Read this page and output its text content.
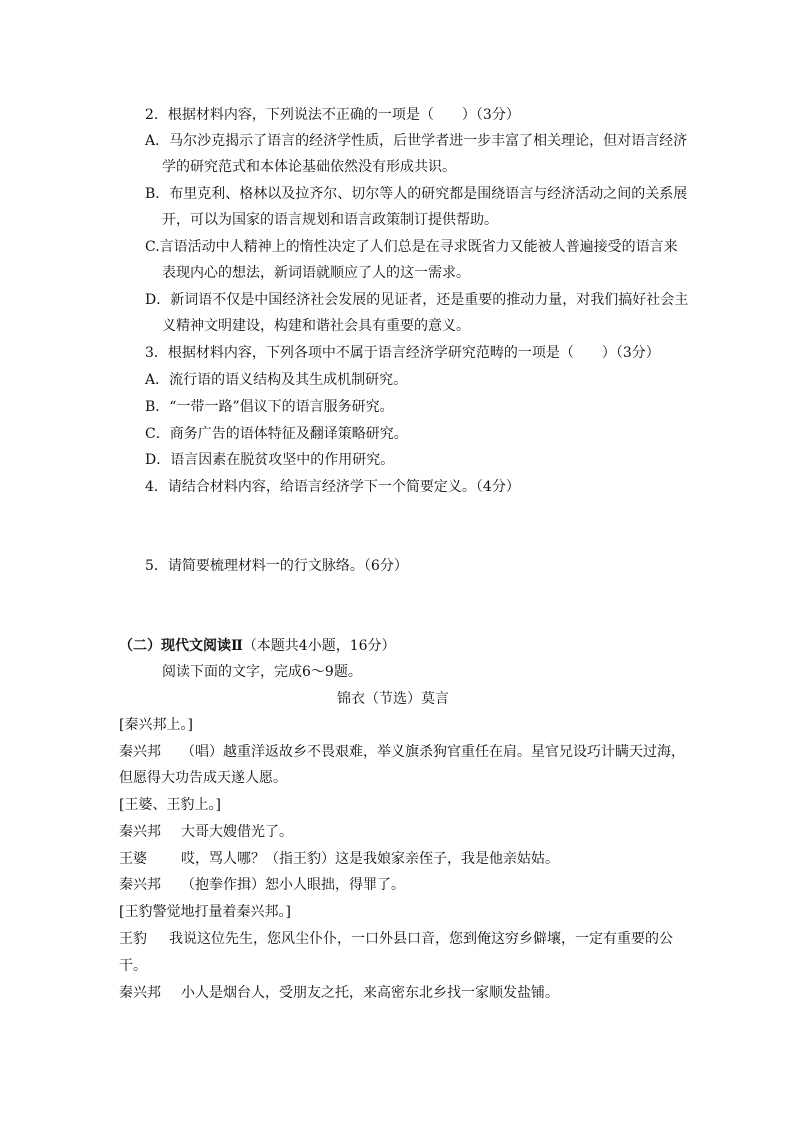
2．根据材料内容，下列说法不正确的一项是（　　）（3分）
A．马尔沙克揭示了语言的经济学性质，后世学者进一步丰富了相关理论，但对语言经济
学的研究范式和本体论基础依然没有形成共识。
B．布里克利、格林以及拉齐尔、切尔等人的研究都是围绕语言与经济活动之间的关系展
开，可以为国家的语言规划和语言政策制订提供帮助。
C.言语活动中人精神上的惰性决定了人们总是在寻求既省力又能被人普遍接受的语言来
表现内心的想法，新词语就顺应了人的这一需求。
D．新词语不仅是中国经济社会发展的见证者，还是重要的推动力量，对我们搞好社会主
义精神文明建设，构建和谐社会具有重要的意义。
3．根据材料内容，下列各项中不属于语言经济学研究范畴的一项是（　　）（3分）
A．流行语的语义结构及其生成机制研究。
B．“一带一路”倡议下的语言服务研究。
C．商务广告的语体特征及翻译策略研究。
D．语言因素在脱贫攻坚中的作用研究。
4．请结合材料内容，给语言经济学下一个简要定义。（4分）
5．请简要梳理材料一的行文脉络。（6分）
（二）现代文阅读Ⅱ（本题共4小题，16分）
阅读下面的文字，完成6～9题。
锦衣（节选）莫言
[秦兴邦上。]
秦兴邦 （唱）越重洋返故乡不畏艰难，举义旗杀狗官重任在肩。星官兄设巧计瞒天过海，
但愿得大功告成天遂人愿。
[王婆、王豹上。]
秦兴邦 大哥大嫂借光了。
王婆 哎，骂人哪？（指王豹）这是我娘家亲侄子，我是他亲姑姑。
秦兴邦 （抱拳作揖）恕小人眼拙，得罪了。
[王豹警觉地打量着秦兴邦。]
王豹 我说这位先生，您风尘仆仆，一口外县口音，您到俺这穷乡僻壤，一定有重要的公
干。
秦兴邦 小人是烟台人，受朋友之托，来高密东北乡找一家顺发盐铺。
